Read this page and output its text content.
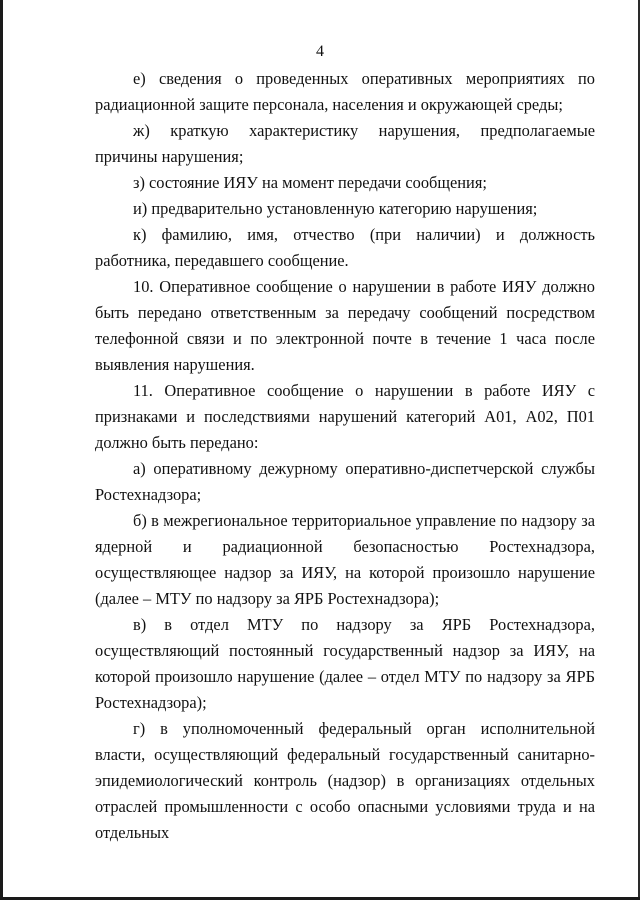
4

е) сведения о проведенных оперативных мероприятиях по радиационной защите персонала, населения и окружающей среды;

ж) краткую характеристику нарушения, предполагаемые причины нарушения;

з) состояние ИЯУ на момент передачи сообщения;

и) предварительно установленную категорию нарушения;

к) фамилию, имя, отчество (при наличии) и должность работника, передавшего сообщение.

10. Оперативное сообщение о нарушении в работе ИЯУ должно быть передано ответственным за передачу сообщений посредством телефонной связи и по электронной почте в течение 1 часа после выявления нарушения.

11. Оперативное сообщение о нарушении в работе ИЯУ с признаками и последствиями нарушений категорий А01, А02, П01 должно быть передано:

а) оперативному дежурному оперативно-диспетчерской службы Ростехнадзора;

б) в межрегиональное территориальное управление по надзору за ядерной и радиационной безопасностью Ростехнадзора, осуществляющее надзор за ИЯУ, на которой произошло нарушение (далее – МТУ по надзору за ЯРБ Ростехнадзора);

в) в отдел МТУ по надзору за ЯРБ Ростехнадзора, осуществляющий постоянный государственный надзор за ИЯУ, на которой произошло нарушение (далее – отдел МТУ по надзору за ЯРБ Ростехнадзора);

г) в уполномоченный федеральный орган исполнительной власти, осуществляющий федеральный государственный санитарно-эпидемиологический контроль (надзор) в организациях отдельных отраслей промышленности с особо опасными условиями труда и на отдельных
